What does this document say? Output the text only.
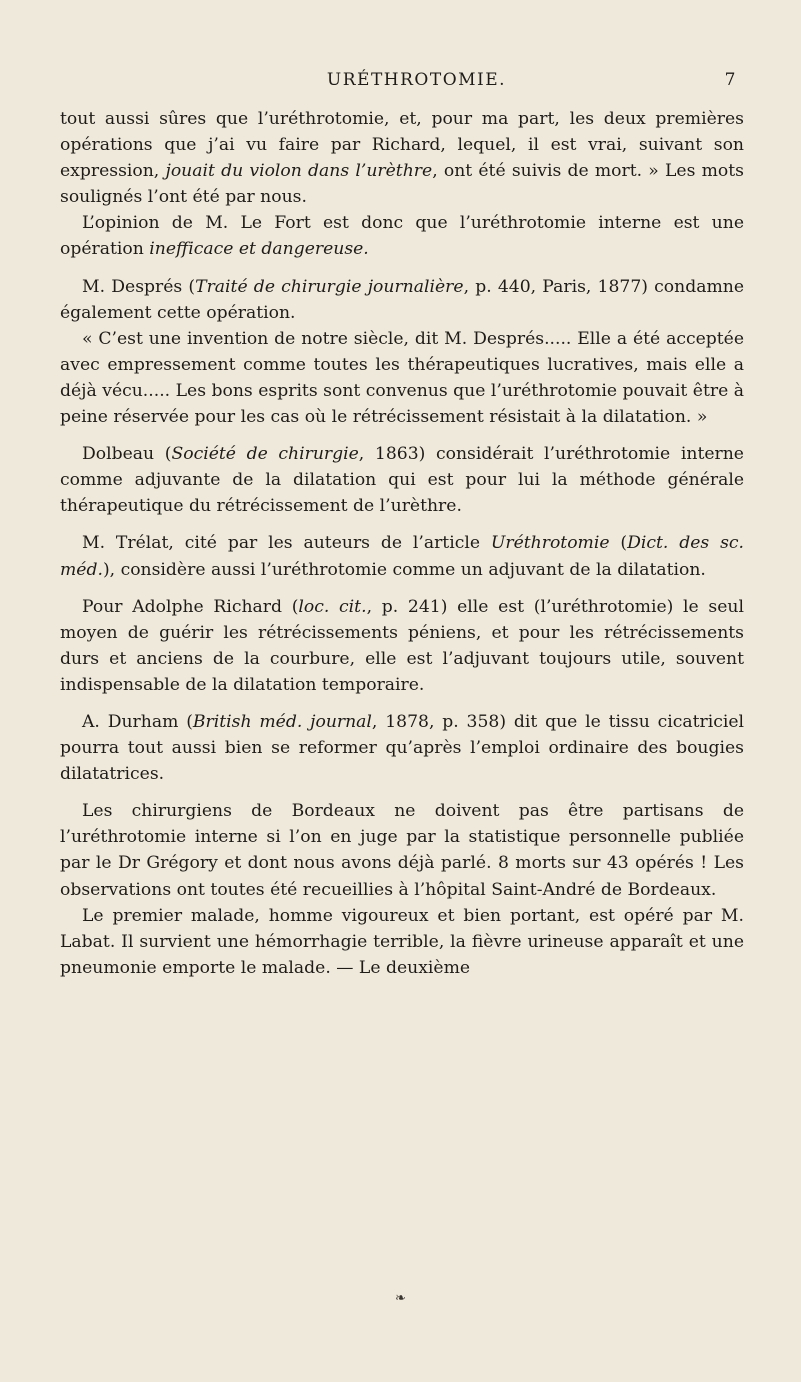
URÉTHROTOMIE.	7

tout aussi sûres que l’uréthrotomie, et, pour ma part, les deux premières opérations que j’ai vu faire par Richard, lequel, il est vrai, suivant son expression, jouait du violon dans l’urèthre, ont été suivis de mort. » Les mots soulignés l’ont été par nous.

L’opinion de M. Le Fort est donc que l’uréthrotomie interne est une opération inefficace et dangereuse.

M. Després (Traité de chirurgie journalière, p. 440, Paris, 1877) condamne également cette opération.

« C’est une invention de notre siècle, dit M. Després..... Elle a été acceptée avec empressement comme toutes les thérapeutiques lucratives, mais elle a déjà vécu..... Les bons esprits sont convenus que l’uréthrotomie pouvait être à peine réservée pour les cas où le rétrécissement résistait à la dilatation. »

Dolbeau (Société de chirurgie, 1863) considérait l’uréthrotomie interne comme adjuvante de la dilatation qui est pour lui la méthode générale thérapeutique du rétrécissement de l’urèthre.

M. Trélat, cité par les auteurs de l’article Uréthrotomie (Dict. des sc. méd.), considère aussi l’uréthrotomie comme un adjuvant de la dilatation.

Pour Adolphe Richard (loc. cit., p. 241) elle est (l’uréthrotomie) le seul moyen de guérir les rétrécissements péniens, et pour les rétrécissements durs et anciens de la courbure, elle est l’adjuvant toujours utile, souvent indispensable de la dilatation temporaire.

A. Durham (British méd. journal, 1878, p. 358) dit que le tissu cicatriciel pourra tout aussi bien se reformer qu’après l’emploi ordinaire des bougies dilatatrices.

Les chirurgiens de Bordeaux ne doivent pas être partisans de l’uréthrotomie interne si l’on en juge par la statistique personnelle publiée par le Dr Grégory et dont nous avons déjà parlé. 8 morts sur 43 opérés ! Les observations ont toutes été recueillies à l’hôpital Saint-André de Bordeaux.

Le premier malade, homme vigoureux et bien portant, est opéré par M. Labat. Il survient une hémorrhagie terrible, la fièvre urineuse apparaît et une pneumonie emporte le malade. — Le deuxième

❧
